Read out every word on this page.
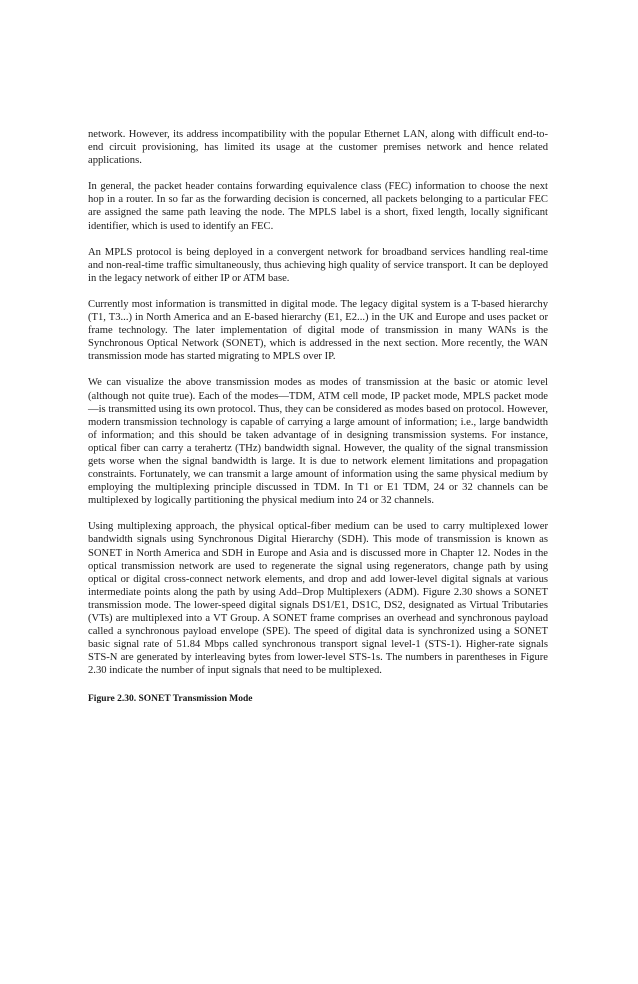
network. However, its address incompatibility with the popular Ethernet LAN, along with difficult end-to-end circuit provisioning, has limited its usage at the customer premises network and hence related applications.

In general, the packet header contains forwarding equivalence class (FEC) information to choose the next hop in a router. In so far as the forwarding decision is concerned, all packets belonging to a particular FEC are assigned the same path leaving the node. The MPLS label is a short, fixed length, locally significant identifier, which is used to identify an FEC.

An MPLS protocol is being deployed in a convergent network for broadband services handling real-time and non-real-time traffic simultaneously, thus achieving high quality of service transport. It can be deployed in the legacy network of either IP or ATM base.

Currently most information is transmitted in digital mode. The legacy digital system is a T-based hierarchy (T1, T3...) in North America and an E-based hierarchy (E1, E2...) in the UK and Europe and uses packet or frame technology. The later implementation of digital mode of transmission in many WANs is the Synchronous Optical Network (SONET), which is addressed in the next section. More recently, the WAN transmission mode has started migrating to MPLS over IP.

We can visualize the above transmission modes as modes of transmission at the basic or atomic level (although not quite true). Each of the modes—TDM, ATM cell mode, IP packet mode, MPLS packet mode—is transmitted using its own protocol. Thus, they can be considered as modes based on protocol. However, modern transmission technology is capable of carrying a large amount of information; i.e., large bandwidth of information; and this should be taken advantage of in designing transmission systems. For instance, optical fiber can carry a terahertz (THz) bandwidth signal. However, the quality of the signal transmission gets worse when the signal bandwidth is large. It is due to network element limitations and propagation constraints. Fortunately, we can transmit a large amount of information using the same physical medium by employing the multiplexing principle discussed in TDM. In T1 or E1 TDM, 24 or 32 channels can be multiplexed by logically partitioning the physical medium into 24 or 32 channels.

Using multiplexing approach, the physical optical-fiber medium can be used to carry multiplexed lower bandwidth signals using Synchronous Digital Hierarchy (SDH). This mode of transmission is known as SONET in North America and SDH in Europe and Asia and is discussed more in Chapter 12. Nodes in the optical transmission network are used to regenerate the signal using regenerators, change path by using optical or digital cross-connect network elements, and drop and add lower-level digital signals at various intermediate points along the path by using Add–Drop Multiplexers (ADM). Figure 2.30 shows a SONET transmission mode. The lower-speed digital signals DS1/E1, DS1C, DS2, designated as Virtual Tributaries (VTs) are multiplexed into a VT Group. A SONET frame comprises an overhead and synchronous payload called a synchronous payload envelope (SPE). The speed of digital data is synchronized using a SONET basic signal rate of 51.84 Mbps called synchronous transport signal level-1 (STS-1). Higher-rate signals STS-N are generated by interleaving bytes from lower-level STS-1s. The numbers in parentheses in Figure 2.30 indicate the number of input signals that need to be multiplexed.

Figure 2.30. SONET Transmission Mode
